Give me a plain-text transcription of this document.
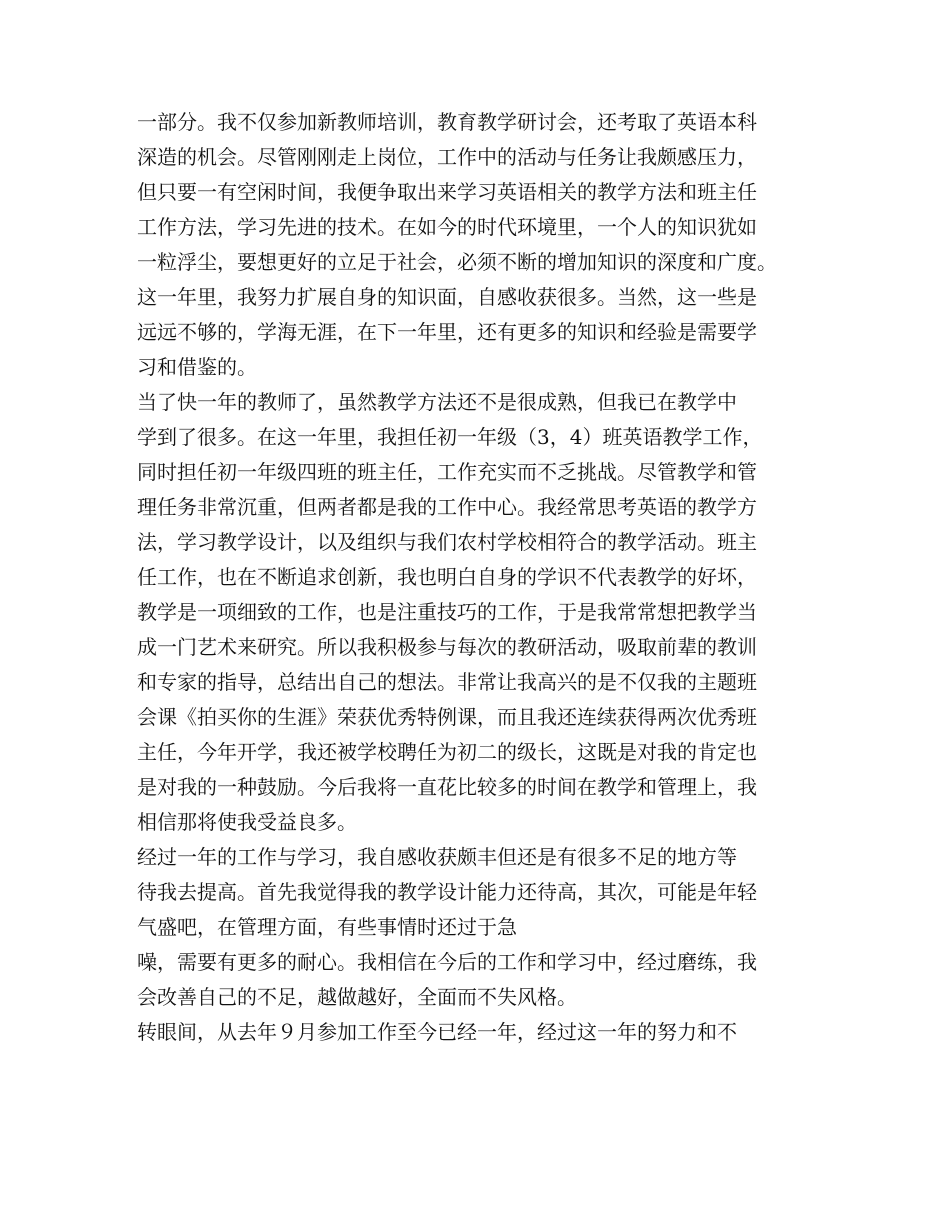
一部分。我不仅参加新教师培训，教育教学研讨会，还考取了英语本科
深造的机会。尽管刚刚走上岗位，工作中的活动与任务让我颇感压力，
但只要一有空闲时间，我便争取出来学习英语相关的教学方法和班主任
工作方法，学习先进的技术。在如今的时代环境里，一个人的知识犹如
一粒浮尘，要想更好的立足于社会，必须不断的增加知识的深度和广度。
这一年里，我努力扩展自身的知识面，自感收获很多。当然，这一些是
远远不够的，学海无涯，在下一年里，还有更多的知识和经验是需要学
习和借鉴的。
当了快一年的教师了，虽然教学方法还不是很成熟，但我已在教学中
学到了很多。在这一年里，我担任初一年级（3，4）班英语教学工作，
同时担任初一年级四班的班主任，工作充实而不乏挑战。尽管教学和管
理任务非常沉重，但两者都是我的工作中心。我经常思考英语的教学方
法，学习教学设计，以及组织与我们农村学校相符合的教学活动。班主
任工作，也在不断追求创新，我也明白自身的学识不代表教学的好坏，
教学是一项细致的工作，也是注重技巧的工作，于是我常常想把教学当
成一门艺术来研究。所以我积极参与每次的教研活动，吸取前辈的教训
和专家的指导，总结出自己的想法。非常让我高兴的是不仅我的主题班
会课《拍买你的生涯》荣获优秀特例课，而且我还连续获得两次优秀班
主任，今年开学，我还被学校聘任为初二的级长，这既是对我的肯定也
是对我的一种鼓励。今后我将一直花比较多的时间在教学和管理上，我
相信那将使我受益良多。
经过一年的工作与学习，我自感收获颇丰但还是有很多不足的地方等
待我去提高。首先我觉得我的教学设计能力还待高，其次，可能是年轻
气盛吧，在管理方面，有些事情时还过于急
噪，需要有更多的耐心。我相信在今后的工作和学习中，经过磨练，我
会改善自己的不足，越做越好，全面而不失风格。
转眼间，从去年９月参加工作至今已经一年，经过这一年的努力和不
